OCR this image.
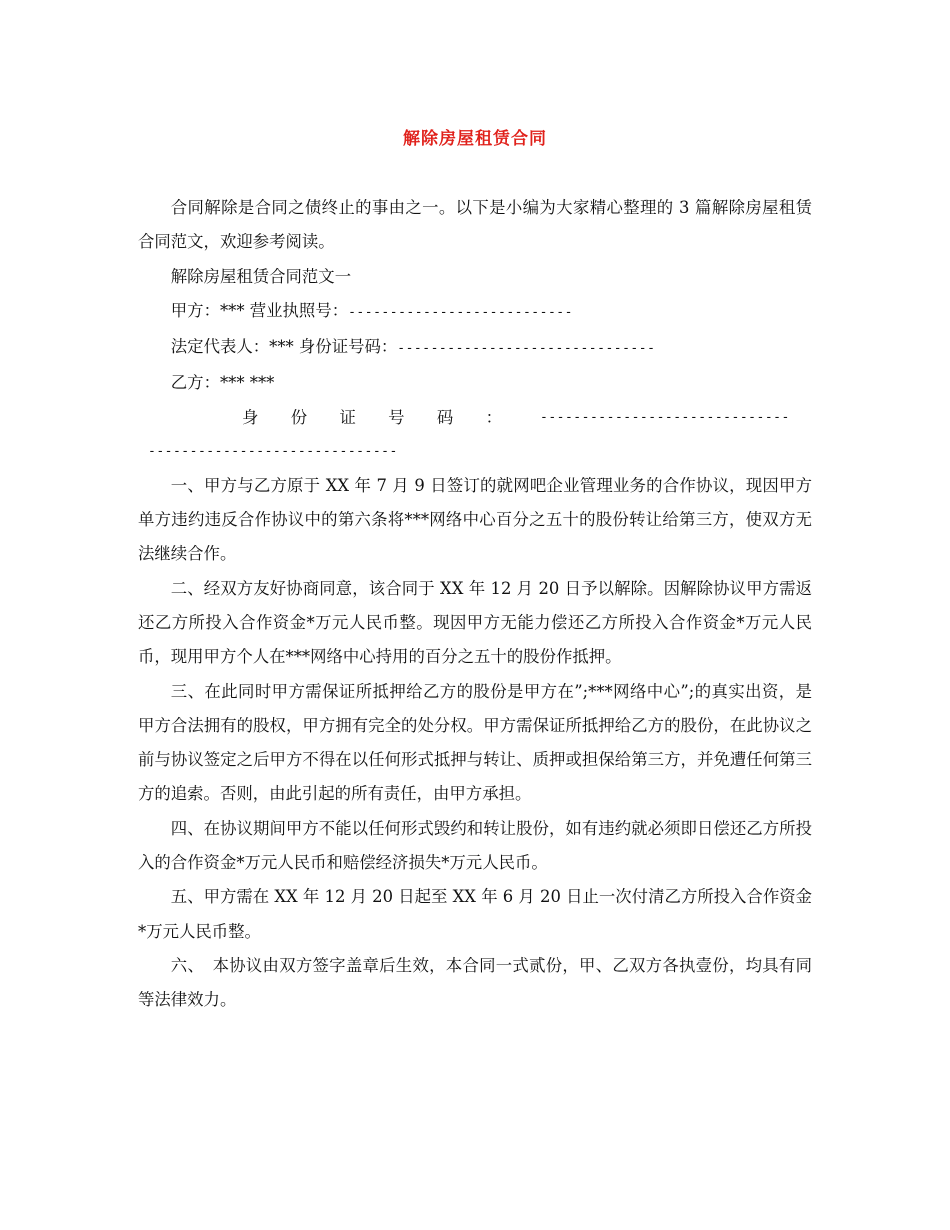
解除房屋租赁合同

合同解除是合同之债终止的事由之一。以下是小编为大家精心整理的 3 篇解除房屋租赁合同范文，欢迎参考阅读。

解除房屋租赁合同范文一

甲方：*** 营业执照号：---------------------------

法定代表人：*** 身份证号码：-------------------------------

乙方：*** ***

身 份 证 号 码 ：	------------------------------
------------------------------

一、甲方与乙方原于 XX 年 7 月 9 日签订的就网吧企业管理业务的合作协议，现因甲方单方违约违反合作协议中的第六条将***网络中心百分之五十的股份转让给第三方，使双方无法继续合作。

二、经双方友好协商同意，该合同于 XX 年 12 月 20 日予以解除。因解除协议甲方需返还乙方所投入合作资金*万元人民币整。现因甲方无能力偿还乙方所投入合作资金*万元人民币，现用甲方个人在***网络中心持用的百分之五十的股份作抵押。

三、在此同时甲方需保证所抵押给乙方的股份是甲方在”;***网络中心”;的真实出资，是甲方合法拥有的股权，甲方拥有完全的处分权。甲方需保证所抵押给乙方的股份，在此协议之前与协议签定之后甲方不得在以任何形式抵押与转让、质押或担保给第三方，并免遭任何第三方的追索。否则，由此引起的所有责任，由甲方承担。

四、在协议期间甲方不能以任何形式毁约和转让股份，如有违约就必须即日偿还乙方所投入的合作资金*万元人民币和赔偿经济损失*万元人民币。

五、甲方需在 XX 年 12 月 20 日起至 XX 年 6 月 20 日止一次付清乙方所投入合作资金*万元人民币整。

六、　本协议由双方签字盖章后生效，本合同一式贰份，甲、乙双方各执壹份，均具有同等法律效力。
